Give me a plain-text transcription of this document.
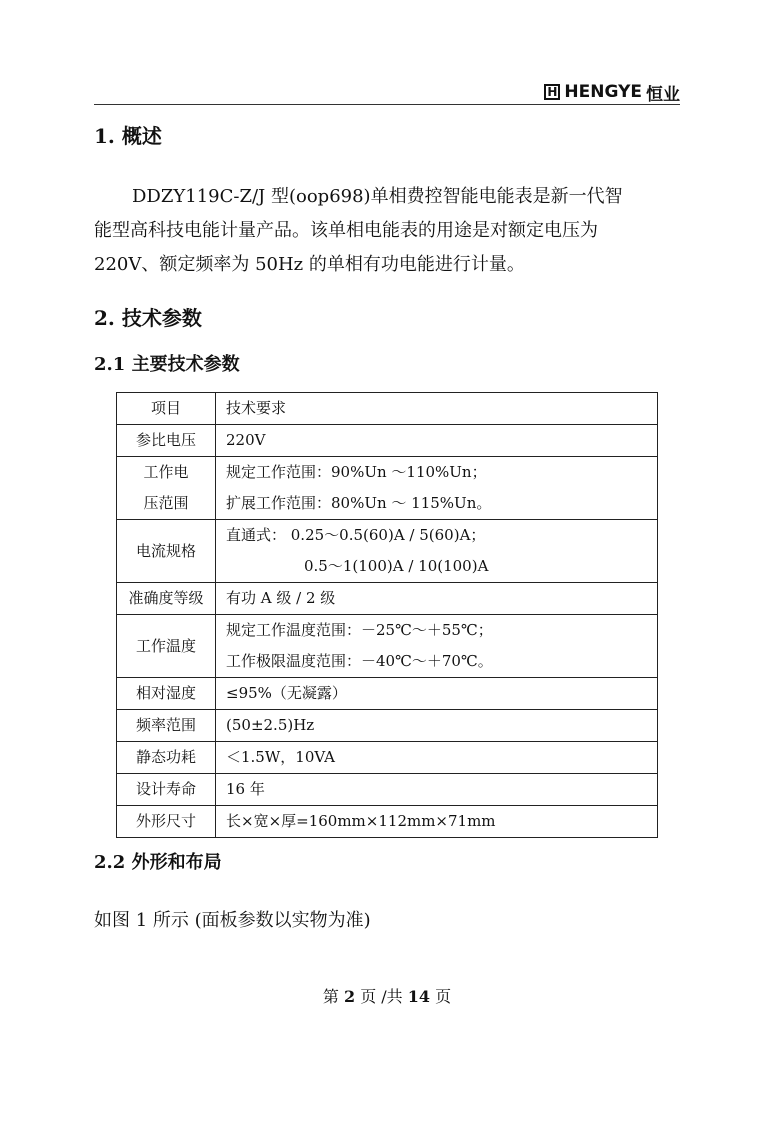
H HENGYE 恒业
1. 概述
DDZY119C-Z/J 型(oop698)单相费控智能电能表是新一代智
能型高科技电能计量产品。该单相电能表的用途是对额定电压为
220V、额定频率为 50Hz 的单相有功电能进行计量。
2. 技术参数
2.1 主要技术参数
项目	技术要求

参比电压	220V

工作电
压范围	规定工作范围：90%Un ～110%Un；
扩展工作范围：80%Un ～ 115%Un。

电流规格	直通式： 0.25～0.5(60)A / 5(60)A；
0.5～1(100)A / 10(100)A

准确度等级	有功 A 级 / 2 级

工作温度	规定工作温度范围：－25℃～＋55℃；
工作极限温度范围：－40℃～＋70℃。

相对湿度	≤95%（无凝露）

频率范围	(50±2.5)Hz

静态功耗	＜1.5W，10VA

设计寿命	16 年

外形尺寸	长×宽×厚=160mm×112mm×71mm
2.2 外形和布局
如图 1 所示 (面板参数以实物为准)
第 2 页 /共 14 页
